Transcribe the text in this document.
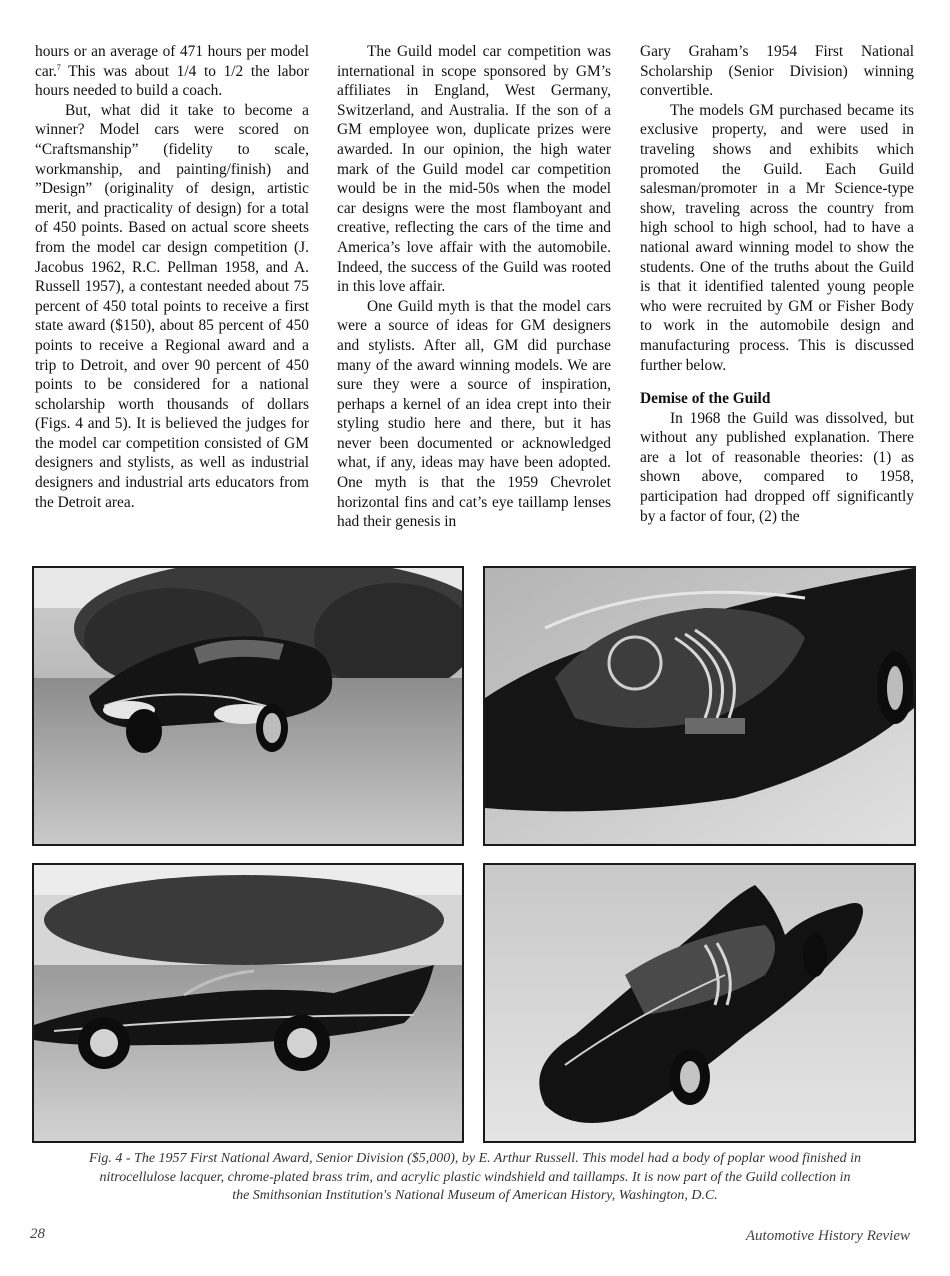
hours or an average of 471 hours per model car.$^7$ This was about 1/4 to 1/2 the labor hours needed to build a coach.

But, what did it take to become a winner? Model cars were scored on “Craftsmanship” (fidelity to scale, workmanship, and painting/finish) and ”Design” (originality of design, artistic merit, and practicality of design) for a total of 450 points. Based on actual score sheets from the model car design competition (J. Jacobus 1962, R.C. Pellman 1958, and A. Russell 1957), a contestant needed about 75 percent of 450 total points to receive a first state award ($150), about 85 percent of 450 points to receive a Regional award and a trip to Detroit, and over 90 percent of 450 points to be considered for a national scholarship worth thousands of dollars (Figs. 4 and 5). It is believed the judges for the model car competition consisted of GM designers and stylists, as well as industrial designers and industrial arts educators from the Detroit area.

The Guild model car competition was international in scope sponsored by GM’s affiliates in England, West Germany, Switzerland, and Australia. If the son of a GM employee won, duplicate prizes were awarded. In our opinion, the high water mark of the Guild model car competition would be in the mid-50s when the model car designs were the most flamboyant and creative, reflecting the cars of the time and America’s love affair with the automobile. Indeed, the success of the Guild was rooted in this love affair.

One Guild myth is that the model cars were a source of ideas for GM designers and stylists. After all, GM did purchase many of the award winning models. We are sure they were a source of inspiration, perhaps a kernel of an idea crept into their styling studio here and there, but it has never been documented or acknowledged what, if any, ideas may have been adopted. One myth is that the 1959 Chevrolet horizontal fins and cat’s eye taillamp lenses had their genesis in

Gary Graham’s 1954 First National Scholarship (Senior Division) winning convertible.

The models GM purchased became its exclusive property, and were used in traveling shows and exhibits which promoted the Guild. Each Guild salesman/promoter in a Mr Science-type show, traveling across the country from high school to high school, had to have a national award winning model to show the students. One of the truths about the Guild is that it identified talented young people who were recruited by GM or Fisher Body to work in the automobile design and manufacturing process. This is discussed further below.

Demise of the Guild

In 1968 the Guild was dissolved, but without any published explanation. There are a lot of reasonable theories: (1) as shown above, compared to 1958, participation had dropped off significantly by a factor of four, (2) the

Fig. 4 - The 1957 First National Award, Senior Division ($5,000), by E. Arthur Russell. This model had a body of poplar wood finished in
nitrocellulose lacquer, chrome-plated brass trim, and acrylic plastic windshield and taillamps. It is now part of the Guild collection in
the Smithsonian Institution's National Museum of American History, Washington, D.C.
28	Automotive History Review
